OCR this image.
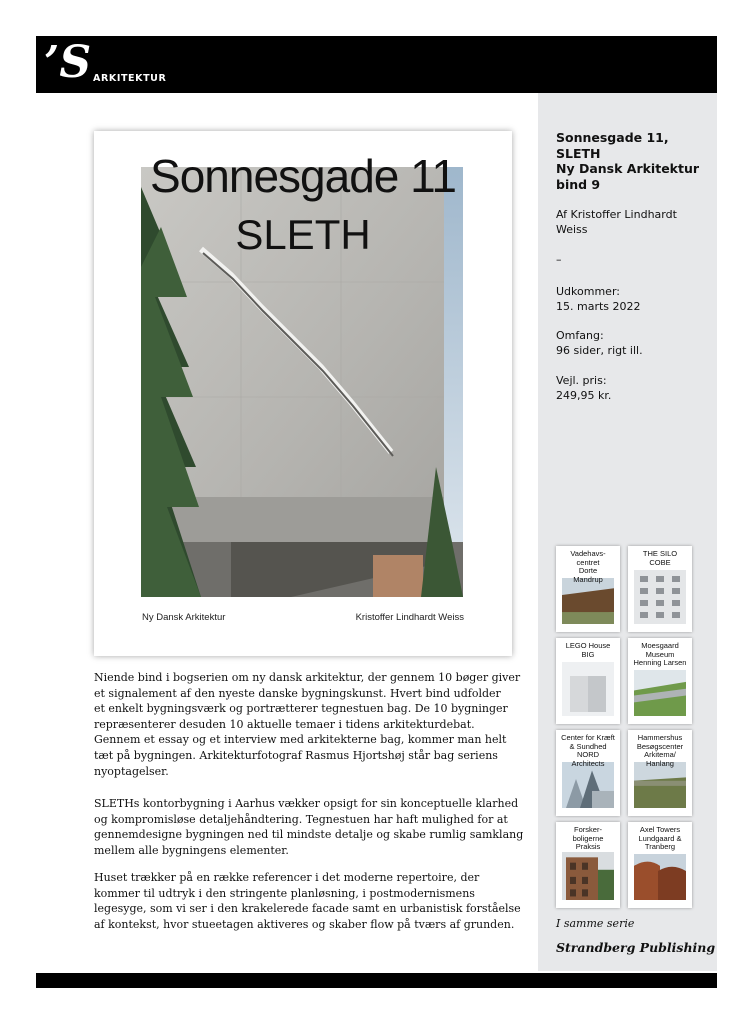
’S ARKITEKTUR
Sonnesgade 11
SLETH
Ny Dansk Arkitektur	Kristoffer Lindhardt Weiss
Sonnesgade 11,
SLETH
Ny Dansk Arkitektur
bind 9
Af Kristoffer Lindhardt
Weiss
–
Udkommer:
15. marts 2022
Omfang:
96 sider, rigt ill.
Vejl. pris:
249,95 kr.
Niende bind i bogserien om ny dansk arkitektur, der gennem 10 bøger giver
et signalement af den nyeste danske bygningskunst. Hvert bind udfolder
et enkelt bygningsværk og portrætterer tegnestuen bag. De 10 bygninger
repræsenterer desuden 10 aktuelle temaer i tidens arkitekturdebat.
Gennem et essay og et interview med arkitekterne bag, kommer man helt
tæt på bygningen. Arkitekturfotograf Rasmus Hjortshøj står bag seriens
nyoptagelser.
SLETHs kontorbygning i Aarhus vækker opsigt for sin konceptuelle klarhed
og kompromisløse detaljehåndtering. Tegnestuen har haft mulighed for at
gennemdesigne bygningen ned til mindste detalje og skabe rumlig samklang
mellem alle bygningens elementer.
Huset trækker på en række referencer i det moderne repertoire, der
kommer til udtryk i den stringente planløsning, i postmodernismens
legesyge, som vi ser i den krakelerede facade samt en urbanistisk forståelse
af kontekst, hvor stueetagen aktiveres og skaber flow på tværs af grunden.
Vadehavs-
centret
Dorte
Mandrup
THE SILO
COBE
LEGO House
BIG
Moesgaard
Museum
Henning Larsen
Center for Kræft
& Sundhed
NORD
Architects
Hammershus
Besøgscenter
Arkitema/
Hanlang
Forsker-
boligerne
Praksis
Axel Towers
Lundgaard &
Tranberg
I samme serie
Strandberg Publishing
